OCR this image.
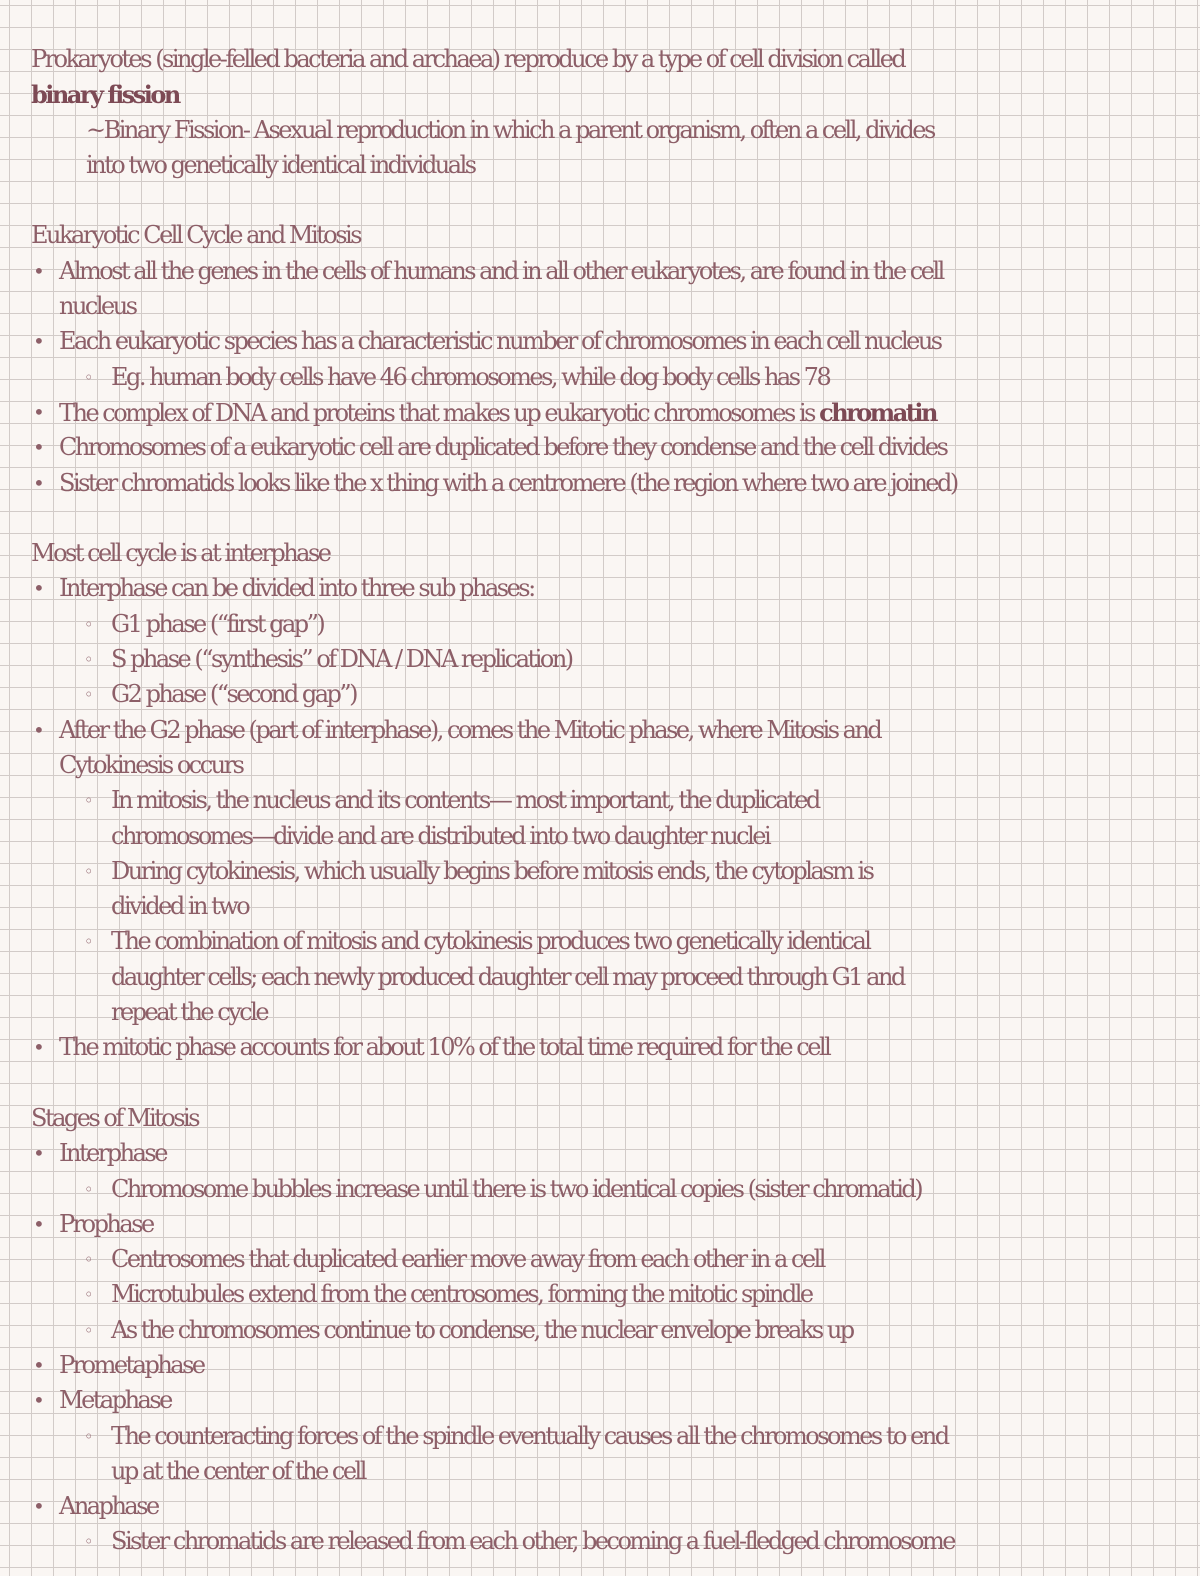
Prokaryotes (single-felled bacteria and archaea) reproduce by a type of cell division called
binary fission
~Binary Fission- Asexual reproduction in which a parent organism, often a cell, divides
into two genetically identical individuals
Eukaryotic Cell Cycle and Mitosis
• Almost all the genes in the cells of humans and in all other eukaryotes, are found in the cell
nucleus
• Each eukaryotic species has a characteristic number of chromosomes in each cell nucleus
◦ Eg. human body cells have 46 chromosomes, while dog body cells has 78
• The complex of DNA and proteins that makes up eukaryotic chromosomes is chromatin
• Chromosomes of a eukaryotic cell are duplicated before they condense and the cell divides
• Sister chromatids looks like the x thing with a centromere (the region where two are joined)
Most cell cycle is at interphase
• Interphase can be divided into three sub phases:
◦ G1 phase (“first gap”)
◦ S phase (“synthesis” of DNA / DNA replication)
◦ G2 phase (“second gap”)
• After the G2 phase (part of interphase), comes the Mitotic phase, where Mitosis and
Cytokinesis occurs
◦ In mitosis, the nucleus and its contents— most important, the duplicated
chromosomes—divide and are distributed into two daughter nuclei
◦ During cytokinesis, which usually begins before mitosis ends, the cytoplasm is
divided in two
◦ The combination of mitosis and cytokinesis produces two genetically identical
daughter cells; each newly produced daughter cell may proceed through G1 and
repeat the cycle
• The mitotic phase accounts for about 10% of the total time required for the cell
Stages of Mitosis
• Interphase
◦ Chromosome bubbles increase until there is two identical copies (sister chromatid)
• Prophase
◦ Centrosomes that duplicated earlier move away from each other in a cell
◦ Microtubules extend from the centrosomes, forming the mitotic spindle
◦ As the chromosomes continue to condense, the nuclear envelope breaks up
• Prometaphase
• Metaphase
◦ The counteracting forces of the spindle eventually causes all the chromosomes to end
up at the center of the cell
• Anaphase
◦ Sister chromatids are released from each other, becoming a fuel-fledged chromosome
